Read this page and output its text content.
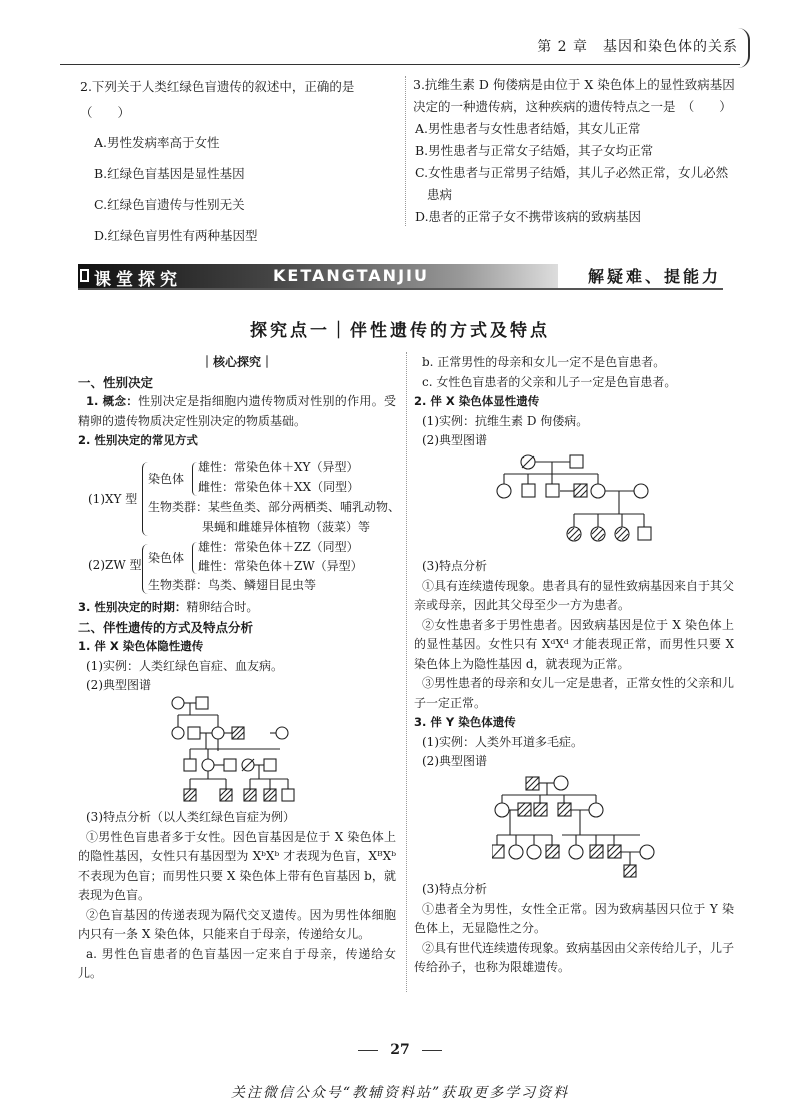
第 2 章　基因和染色体的关系
2.下列关于人类红绿色盲遗传的叙述中，正确的是　（　　）
A.男性发病率高于女性
B.红绿色盲基因是显性基因
C.红绿色盲遗传与性别无关
D.红绿色盲男性有两种基因型
3.抗维生素 D 佝偻病是由位于 X 染色体上的显性致病基因
决定的一种遗传病，这种疾病的遗传特点之一是　（　　）
A.男性患者与女性患者结婚，其女儿正常
B.男性患者与正常女子结婚，其子女均正常
C.女性患者与正常男子结婚，其儿子必然正常，女儿必然
患病
D.患者的正常子女不携带该病的致病基因
课堂探究	KETANGTANJIU	解疑难、提能力
探究点一｜伴性遗传的方式及特点
｜核心探究｜
一、性别决定
1. 概念：性别决定是指细胞内遗传物质对性别的作用。受精卵的遗传物质决定性别决定的物质基础。
2. 性别决定的常见方式
(1)XY 型
染色体
雄性：常染色体＋XY（异型）
雌性：常染色体＋XX（同型）
生物类群：某些鱼类、部分两栖类、哺乳动物、
果蝇和雌雄异体植物（菠菜）等
(2)ZW 型 染色体
雄性：常染色体＋ZZ（同型）
雌性：常染色体＋ZW（异型）
生物类群：鸟类、鳞翅目昆虫等
3. 性别决定的时期：精卵结合时。
二、伴性遗传的方式及特点分析
1. 伴 X 染色体隐性遗传
(1)实例：人类红绿色盲症、血友病。
(2)典型图谱
(3)特点分析（以人类红绿色盲症为例）
①男性色盲患者多于女性。因色盲基因是位于 X 染色体上的隐性基因，女性只有基因型为 XᵇXᵇ 才表现为色盲，XᴮXᵇ 不表现为色盲；而男性只要 X 染色体上带有色盲基因 b，就表现为色盲。
②色盲基因的传递表现为隔代交叉遗传。因为男性体细胞内只有一条 X 染色体，只能来自于母亲，传递给女儿。
a. 男性色盲患者的色盲基因一定来自于母亲，传递给女儿。
b. 正常男性的母亲和女儿一定不是色盲患者。
c. 女性色盲患者的父亲和儿子一定是色盲患者。
2. 伴 X 染色体显性遗传
(1)实例：抗维生素 D 佝偻病。
(2)典型图谱
(3)特点分析
①具有连续遗传现象。患者具有的显性致病基因来自于其父亲或母亲，因此其父母至少一方为患者。
②女性患者多于男性患者。因致病基因是位于 X 染色体上的显性基因。女性只有 XᵈXᵈ 才能表现正常，而男性只要 X 染色体上为隐性基因 d，就表现为正常。
③男性患者的母亲和女儿一定是患者，正常女性的父亲和儿子一定正常。
3. 伴 Y 染色体遗传
(1)实例：人类外耳道多毛症。
(2)典型图谱
(3)特点分析
①患者全为男性，女性全正常。因为致病基因只位于 Y 染色体上，无显隐性之分。
②具有世代连续遗传现象。致病基因由父亲传给儿子，儿子传给孙子，也称为限雄遗传。
27
关注微信公众号“教辅资料站”获取更多学习资料
